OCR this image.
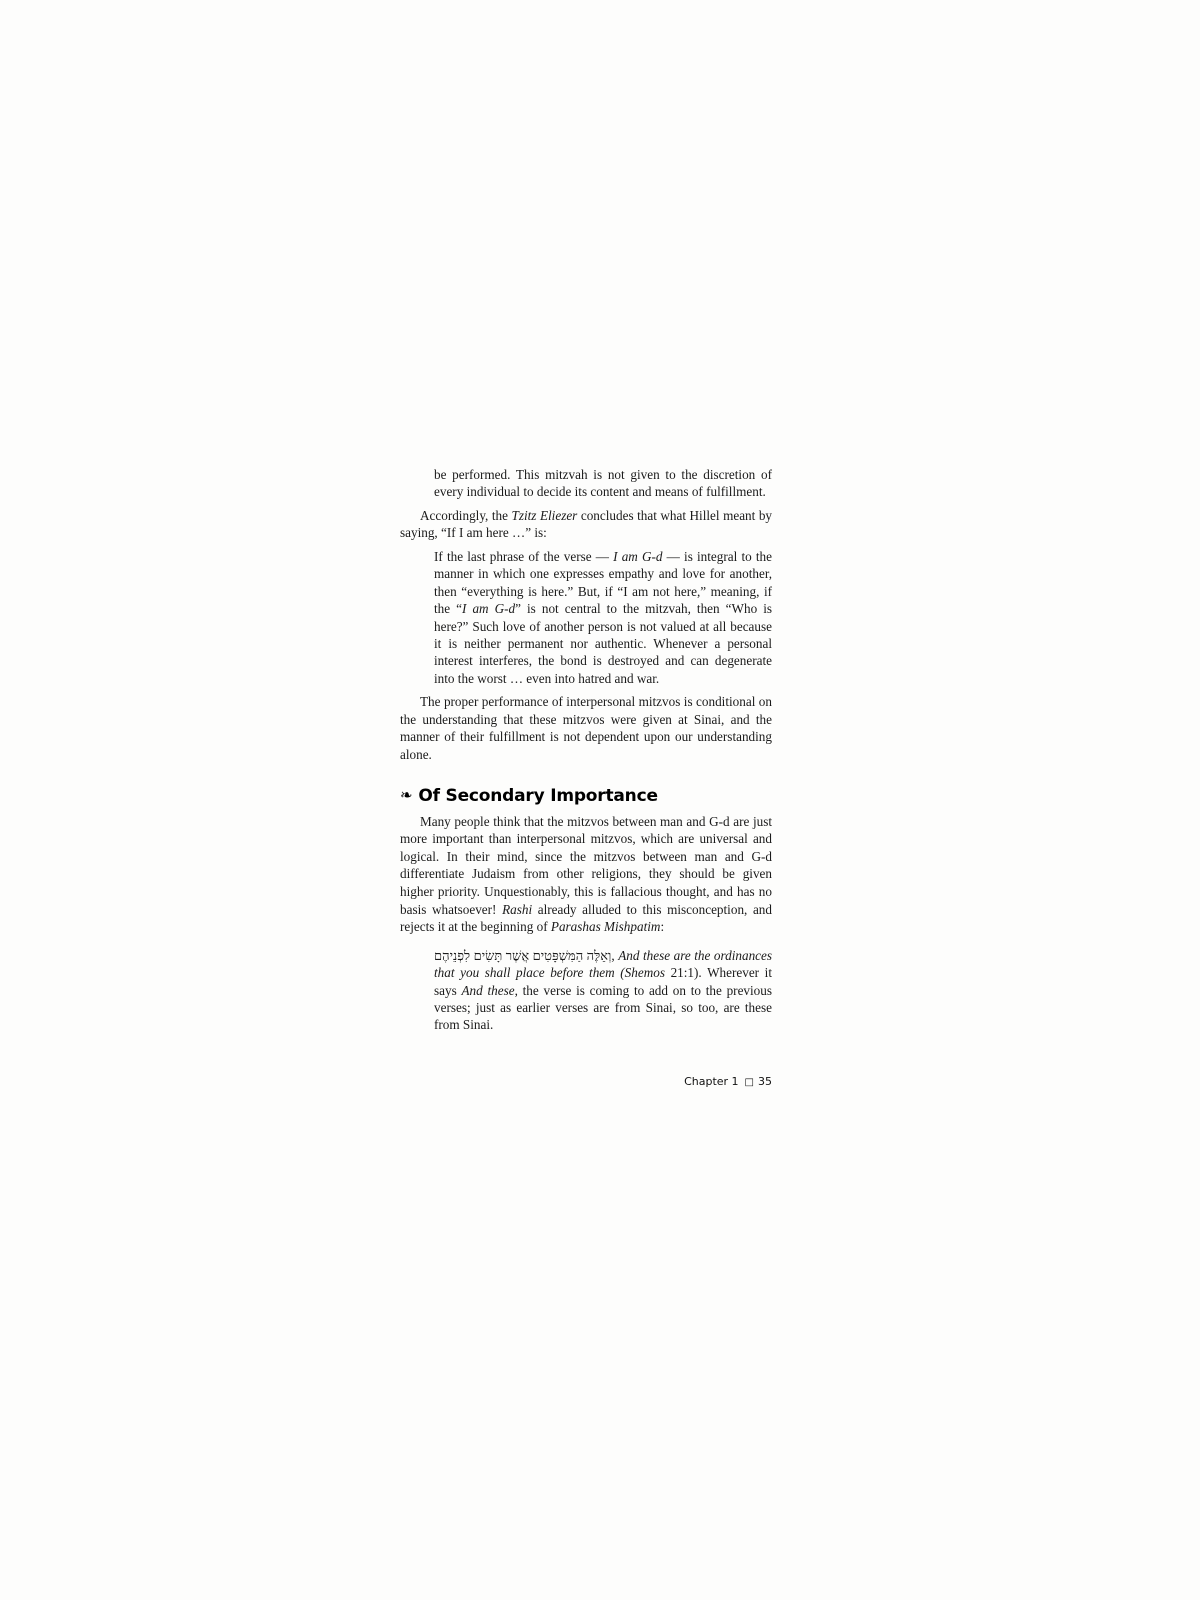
be performed. This mitzvah is not given to the discretion of every individual to decide its content and means of fulfillment.

Accordingly, the Tzitz Eliezer concludes that what Hillel meant by saying, “If I am here …” is:

If the last phrase of the verse — I am G-d — is integral to the manner in which one expresses empathy and love for another, then “everything is here.” But, if “I am not here,” meaning, if the “I am G-d” is not central to the mitzvah, then “Who is here?” Such love of another person is not valued at all because it is neither permanent nor authentic. Whenever a personal interest interferes, the bond is destroyed and can degenerate into the worst … even into hatred and war.

The proper performance of interpersonal mitzvos is conditional on the understanding that these mitzvos were given at Sinai, and the manner of their fulfillment is not dependent upon our understanding alone.

❧ Of Secondary Importance

Many people think that the mitzvos between man and G-d are just more important than interpersonal mitzvos, which are universal and logical. In their mind, since the mitzvos between man and G-d differentiate Judaism from other religions, they should be given higher priority. Unquestionably, this is fallacious thought, and has no basis whatsoever! Rashi already alluded to this misconception, and rejects it at the beginning of Parashas Mishpatim:

וְאֵלֶּה הַמִּשְׁפָּטִים אֲשֶׁר תָּשִׂים לִפְנֵיהֶם, And these are the ordinances that you shall place before them (Shemos 21:1). Wherever it says And these, the verse is coming to add on to the previous verses; just as earlier verses are from Sinai, so too, are these from Sinai.
Chapter 1 □ 35
